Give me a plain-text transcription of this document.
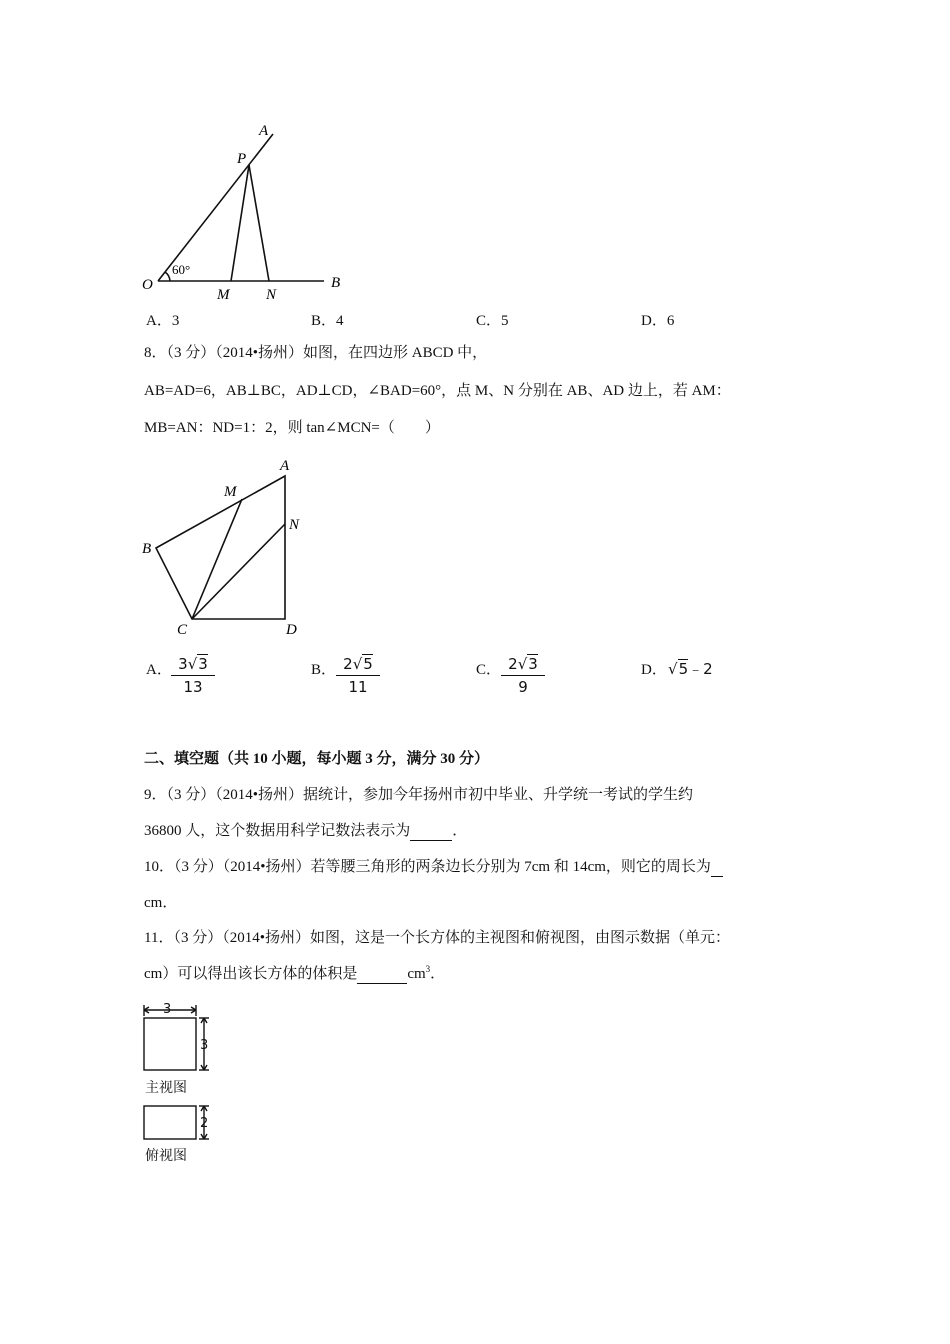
A
P
O
60°
M N
B
A．3	B．4	C．5	D．6
8．（3 分）（2014•扬州）如图，在四边形 ABCD 中，
AB=AD=6，AB⊥BC，AD⊥CD，∠BAD=60°，点 M、N 分别在 AB、AD 边上，若 AM：
MB=AN：ND=1：2，则 tan∠MCN=（　　）
A
M
N
B
C	D
A． 3√3
13
B． 2√5
11
C． 2√3
9
D． √5﹣2
二、填空题（共 10 小题，每小题 3 分，满分 30 分）
9．（3 分）（2014•扬州）据统计，参加今年扬州市初中毕业、升学统一考试的学生约
36800 人，这个数据用科学记数法表示为	．
10．（3 分）（2014•扬州）若等腰三角形的两条边长分别为 7cm 和 14cm，则它的周长为
cm．
11．（3 分）（2014•扬州）如图，这是一个长方体的主视图和俯视图，由图示数据（单元：
cm）可以得出该长方体的体积是	$cm^3$．
3
3
主视图
2
俯视图
